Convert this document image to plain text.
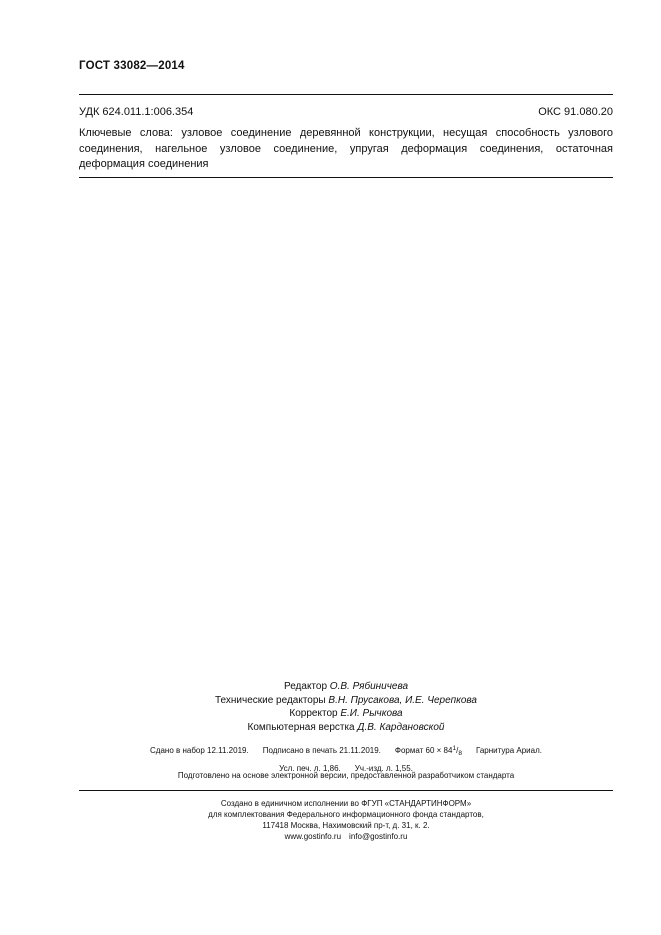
ГОСТ 33082—2014
УДК 624.011.1:006.354	ОКС 91.080.20
Ключевые слова: узловое соединение деревянной конструкции, несущая способность узлового соединения, нагельное узловое соединение, упругая деформация соединения, остаточная деформация соединения
Редактор О.В. Рябиничева
Технические редакторы В.Н. Прусакова, И.Е. Черепкова
Корректор Е.И. Рычкова
Компьютерная верстка Д.В. Кардановской
Сдано в набор 12.11.2019. Подписано в печать 21.11.2019. Формат $60 \times 84^1/_8$ Гарнитура Ариал.
Усл. печ. л. 1,86. Уч.-изд. л. 1,55.
Подготовлено на основе электронной версии, предоставленной разработчиком стандарта
Создано в единичном исполнении во ФГУП «СТАНДАРТИНФОРМ»
для комплектования Федерального информационного фонда стандартов,
117418 Москва, Нахимовский пр-т, д. 31, к. 2.
www.gostinfo.ru info@gostinfo.ru
